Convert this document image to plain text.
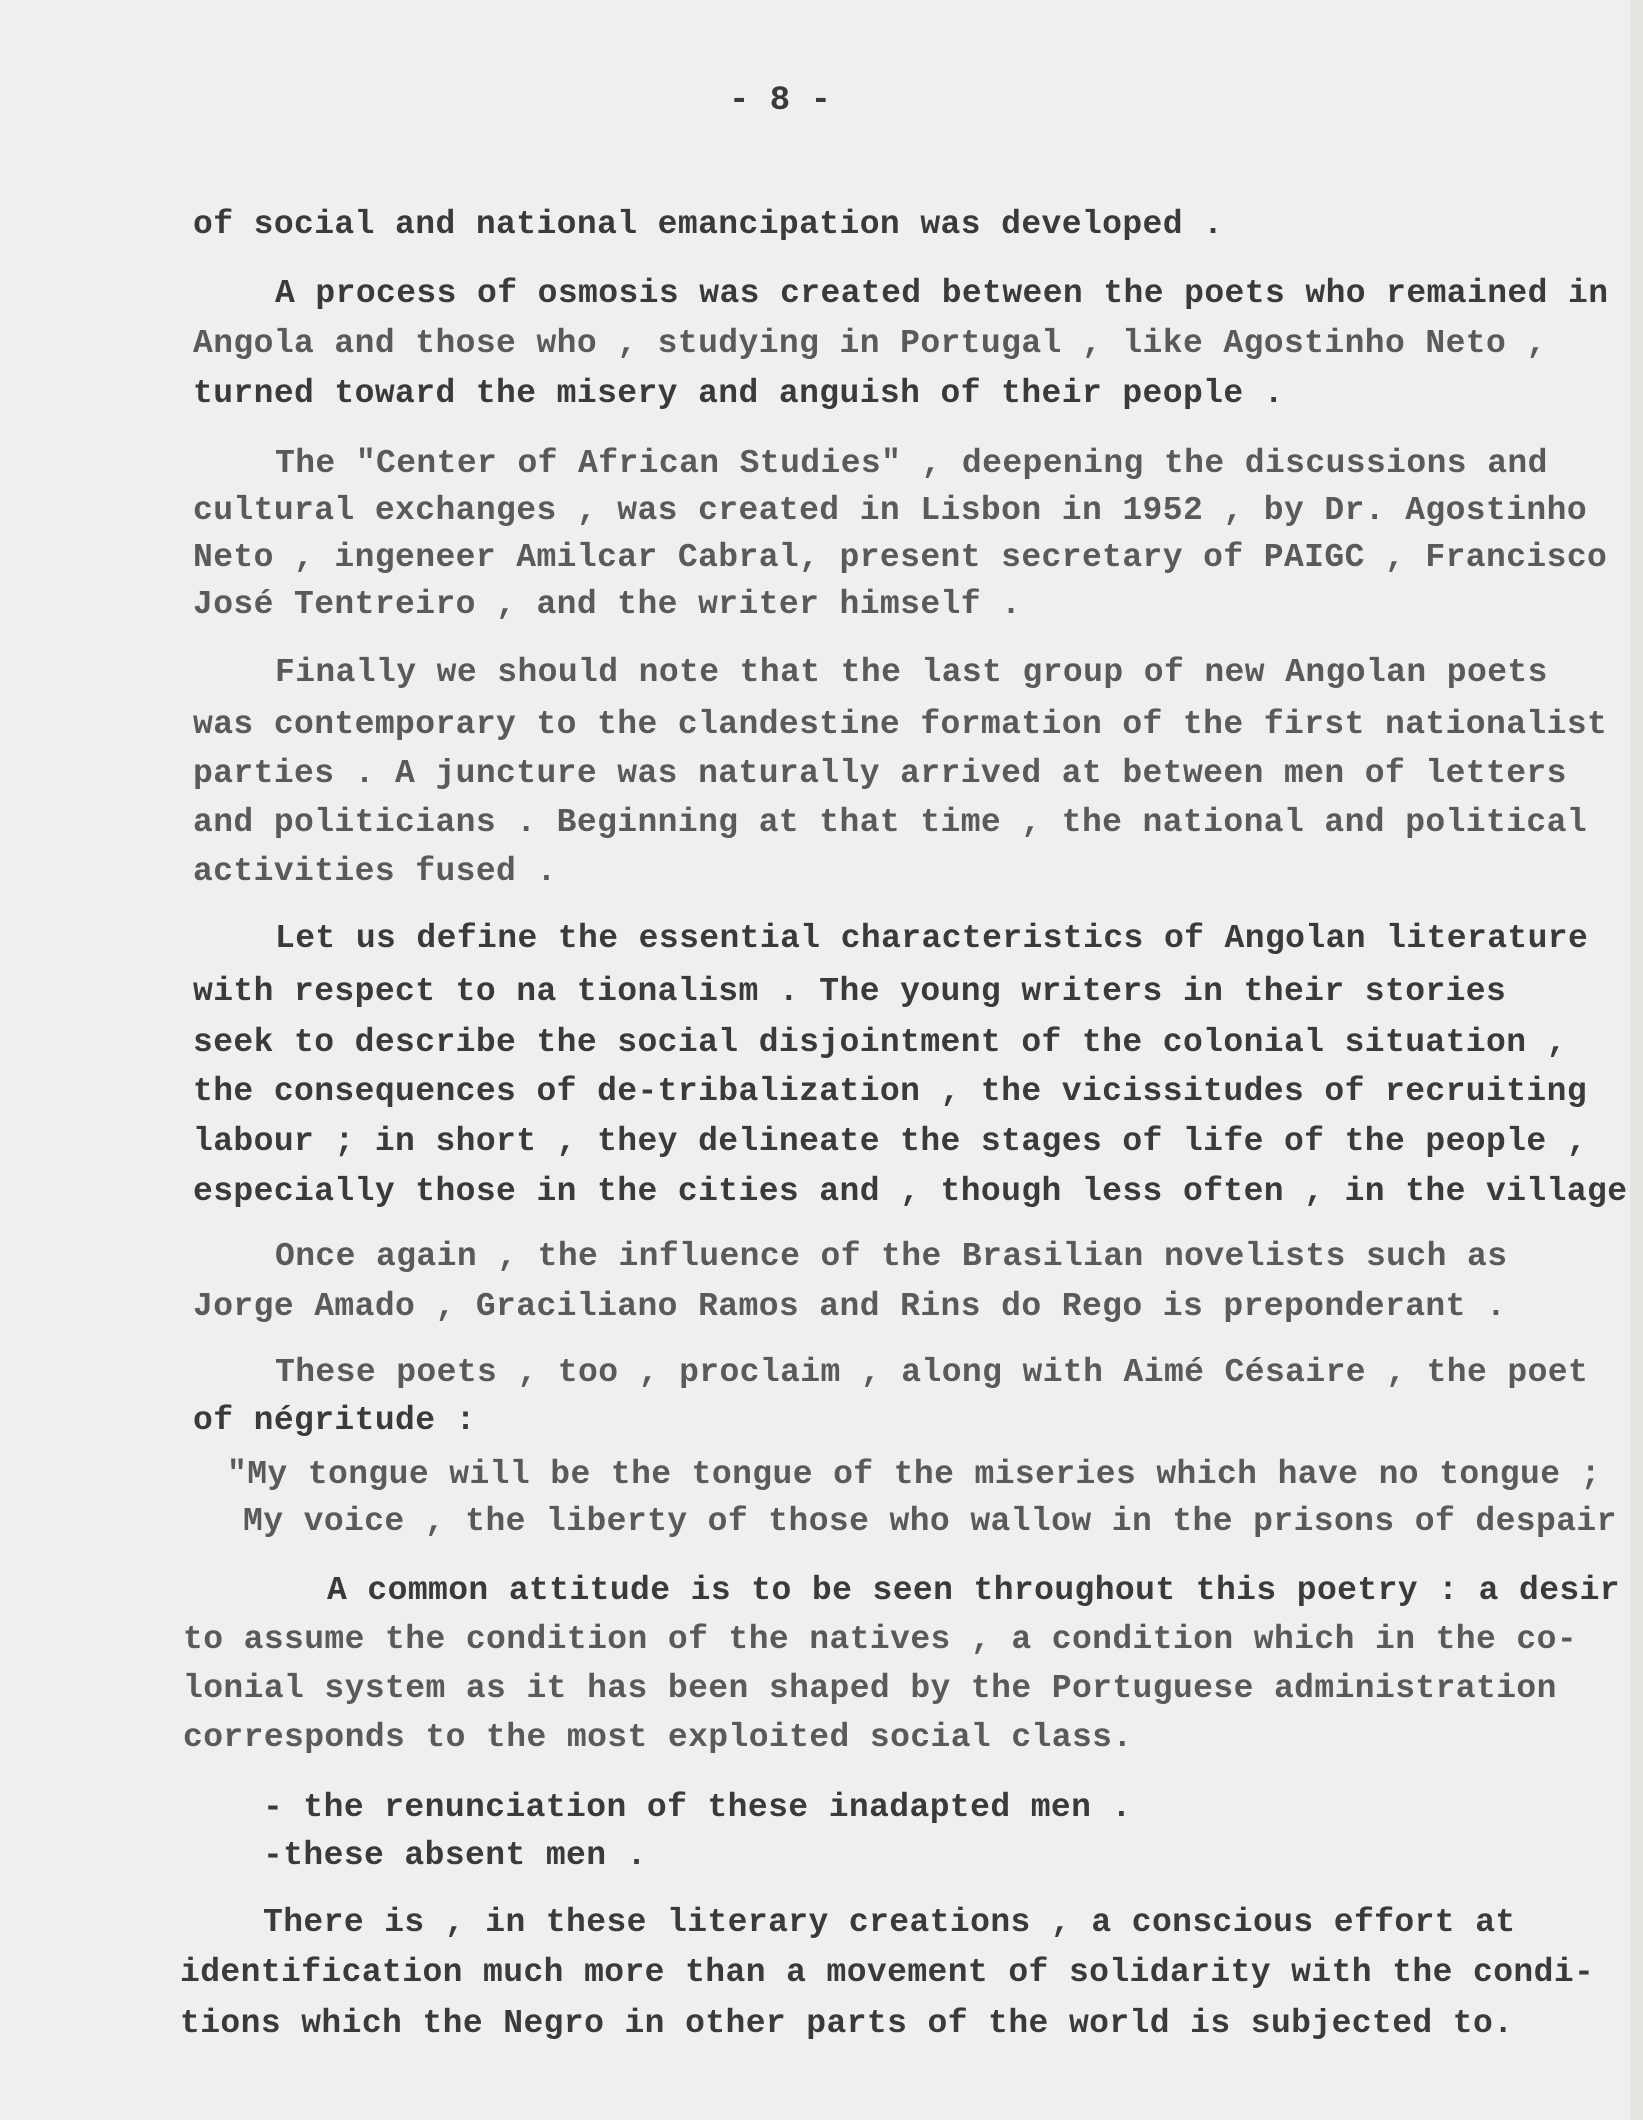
- 8 -
of social and national emancipation was developed .
A process of osmosis was created between the poets who remained in
Angola and those who , studying in Portugal , like Agostinho Neto ,
turned toward the misery and anguish of their people .
The "Center of African Studies" , deepening the discussions and
cultural exchanges , was created in Lisbon in 1952 , by Dr. Agostinho
Neto , ingeneer Amilcar Cabral, present secretary of PAIGC , Francisco
José Tentreiro , and the writer himself .
Finally we should note that the last group of new Angolan poets
was contemporary to the clandestine formation of the first nationalist
parties . A juncture was naturally arrived at between men of letters
and politicians . Beginning at that time , the national and political
activities fused .
Let us define the essential characteristics of Angolan literature
with respect to na tionalism . The young writers in their stories
seek to describe the social disjointment of the colonial situation ,
the consequences of de-tribalization , the vicissitudes of recruiting
labour ; in short , they delineate the stages of life of the people ,
especially those in the cities and , though less often , in the village
Once again , the influence of the Brasilian novelists such as
Jorge Amado , Graciliano Ramos and Rins do Rego is preponderant .
These poets , too , proclaim , along with Aimé Césaire , the poet
of négritude :
"My tongue will be the tongue of the miseries which have no tongue ;
My voice , the liberty of those who wallow in the prisons of despair
A common attitude is to be seen throughout this poetry : a desir
to assume the condition of the natives , a condition which in the co-
lonial system as it has been shaped by the Portuguese administration
corresponds to the most exploited social class.
- the renunciation of these inadapted men .
-these absent men .
There is , in these literary creations , a conscious effort at
identification much more than a movement of solidarity with the condi-
tions which the Negro in other parts of the world is subjected to.
